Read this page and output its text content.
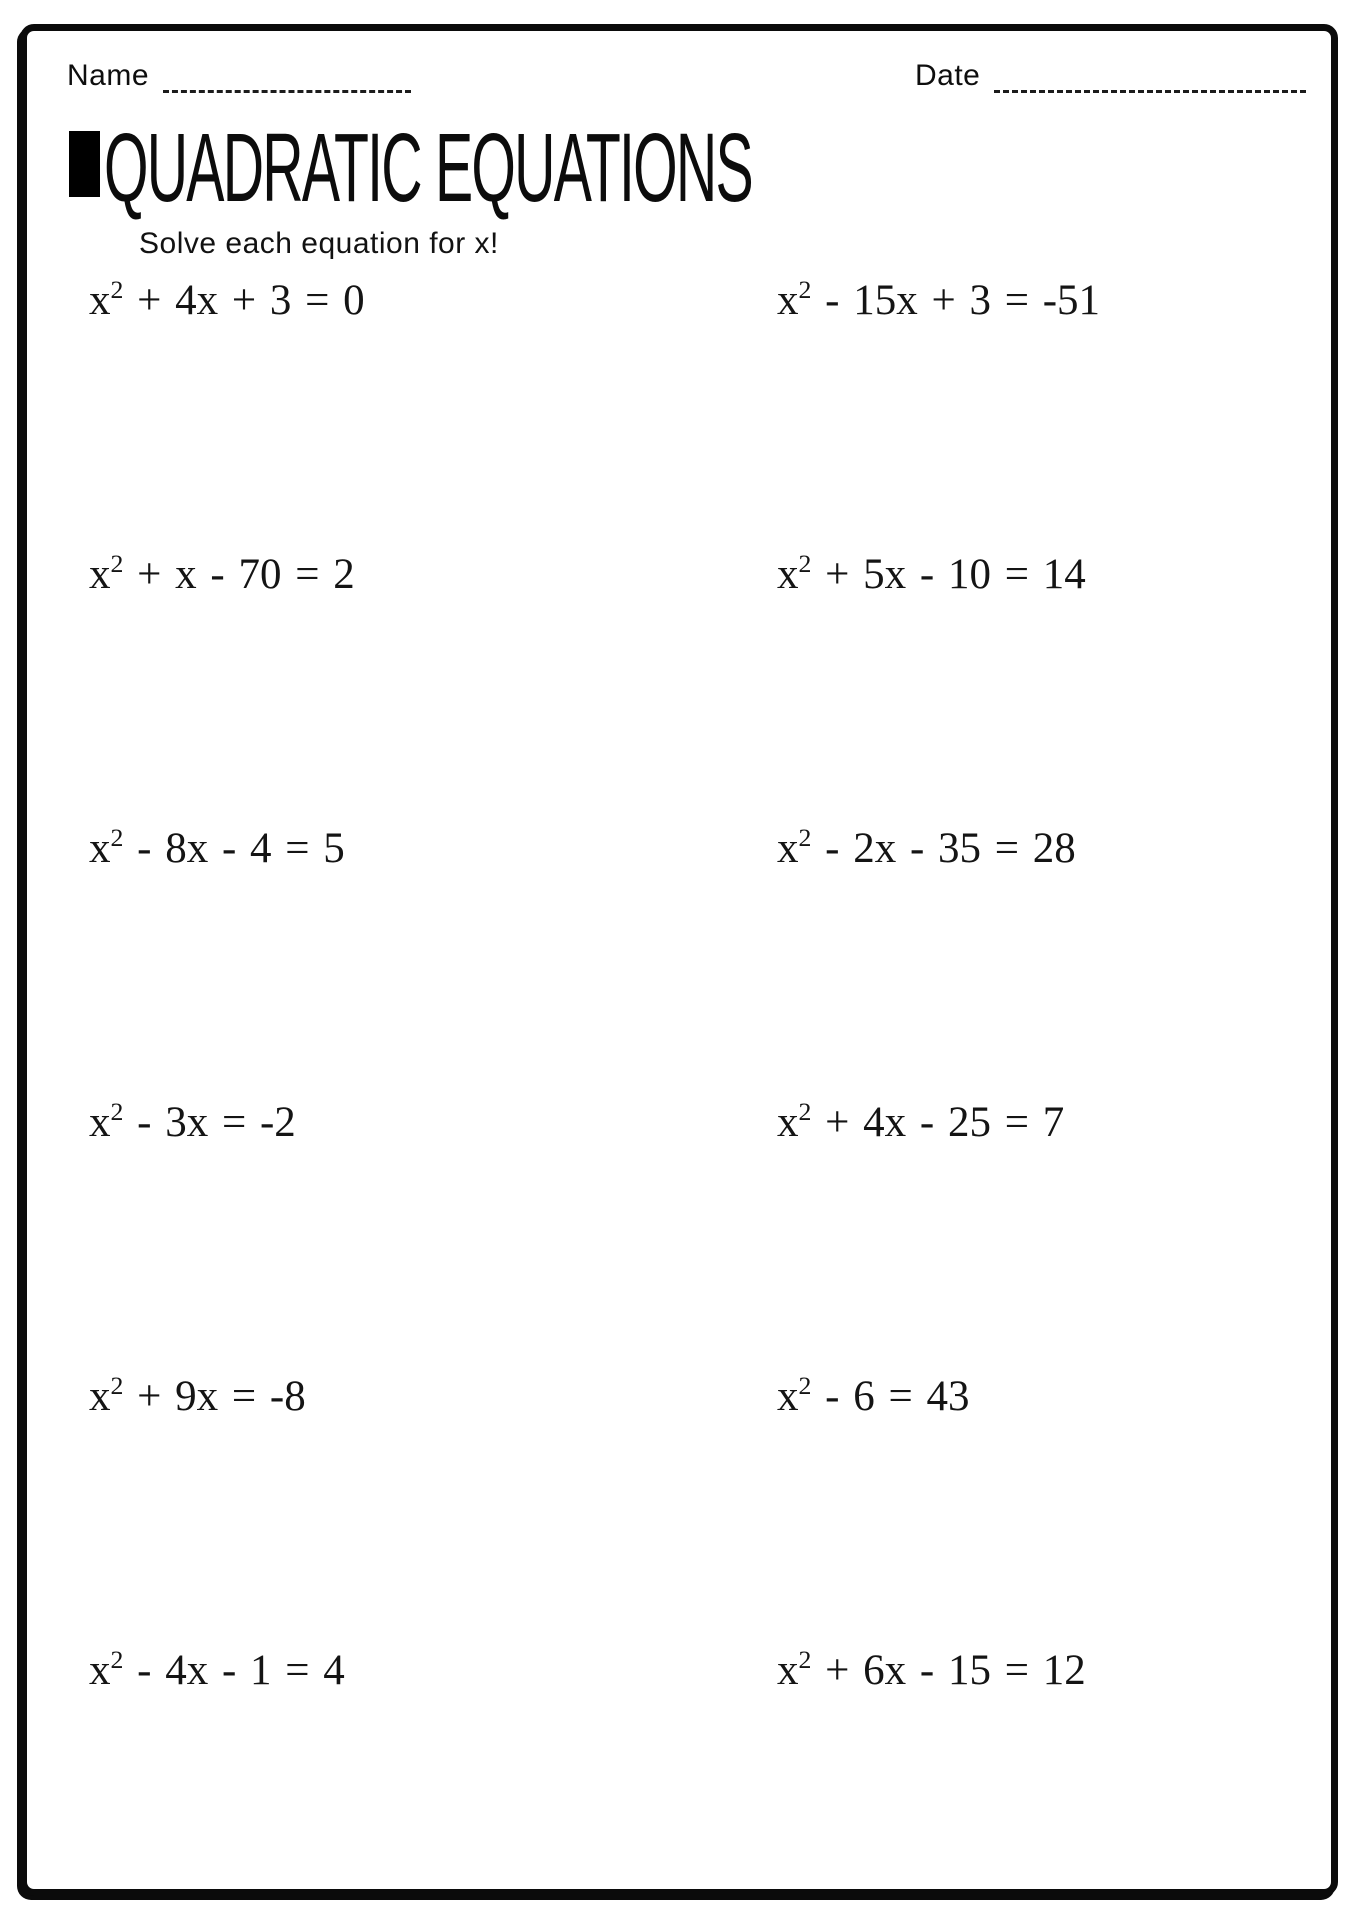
Name	Date
QUADRATIC EQUATIONS
Solve each equation for x!
$x^2 + 4x + 3 = 0$	$x^2 - 15x + 3 = -51$
$x^2 + x - 70 = 2$	$x^2 + 5x - 10 = 14$
$x^2 - 8x - 4 = 5$	$x^2 - 2x - 35 = 28$
$x^2 - 3x = -2$	$x^2 + 4x - 25 = 7$
$x^2 + 9x = -8$	$x^2 - 6 = 43$
$x^2 - 4x - 1 = 4$	$x^2 + 6x - 15 = 12$
